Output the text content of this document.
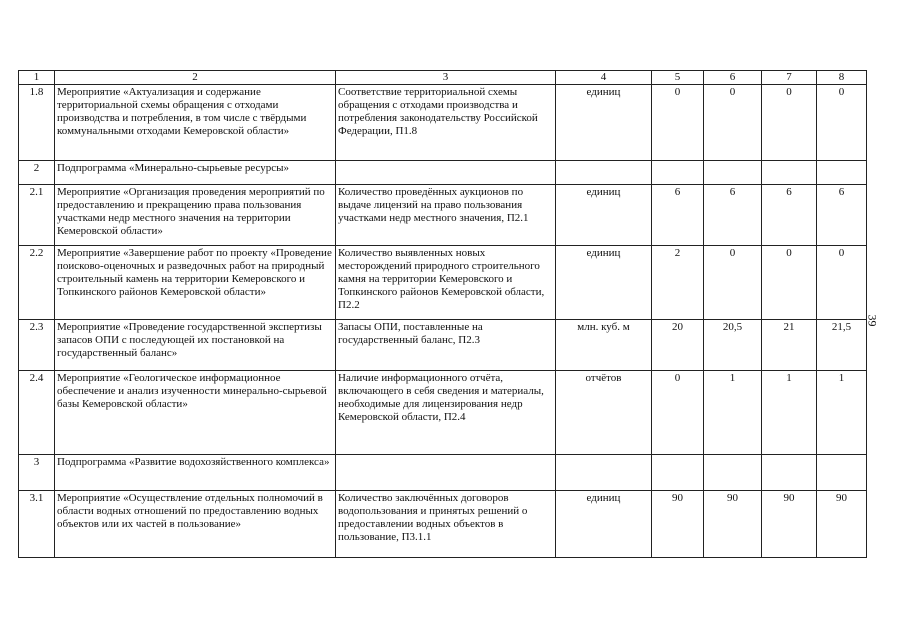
1	2	3	4	5	6	7	8
1.8	Мероприятие «Актуализация и содержание территориальной схемы обращения с отходами производства и потребления, в том числе с твёрдыми коммунальными отходами Кемеровской области»	Соответствие территориальной схемы обращения с отходами производства и потребления законодательству Российской Федерации, П1.8	единиц	0	0	0	0
2	Подпрограмма «Минерально-сырьевые ресурсы»						
2.1	Мероприятие «Организация проведения мероприятий по предоставлению и прекращению права пользования участками недр местного значения на территории Кемеровской области»	Количество проведённых аукционов по выдаче лицензий на право пользования участками недр местного значения, П2.1	единиц	6	6	6	6
2.2	Мероприятие «Завершение работ по проекту «Проведение поисково-оценочных и разведочных работ на природный строительный камень на территории Кемеровского и Топкинского районов Кемеровской области»	Количество выявленных новых месторождений природного строительного камня на территории Кемеровского и Топкинского районов Кемеровской области, П2.2	единиц	2	0	0	0
2.3	Мероприятие «Проведение государственной экспертизы запасов ОПИ с последующей их постановкой на государственный баланс»	Запасы ОПИ, поставленные на государственный баланс, П2.3	млн. куб. м	20	20,5	21	21,5
2.4	Мероприятие «Геологическое информационное обеспечение и анализ изученности минерально-сырьевой базы Кемеровской области»	Наличие информационного отчёта, включающего в себя сведения и материалы, необходимые для лицензирования недр Кемеровской области, П2.4	отчётов	0	1	1	1
3	Подпрограмма «Развитие водохозяйственного комплекса»						
3.1	Мероприятие «Осуществление отдельных полномочий в области водных отношений по предоставлению водных объектов или их частей в пользование»	Количество заключённых договоров водопользования и принятых решений о предоставлении водных объектов в пользование, П3.1.1	единиц	90	90	90	90
39
